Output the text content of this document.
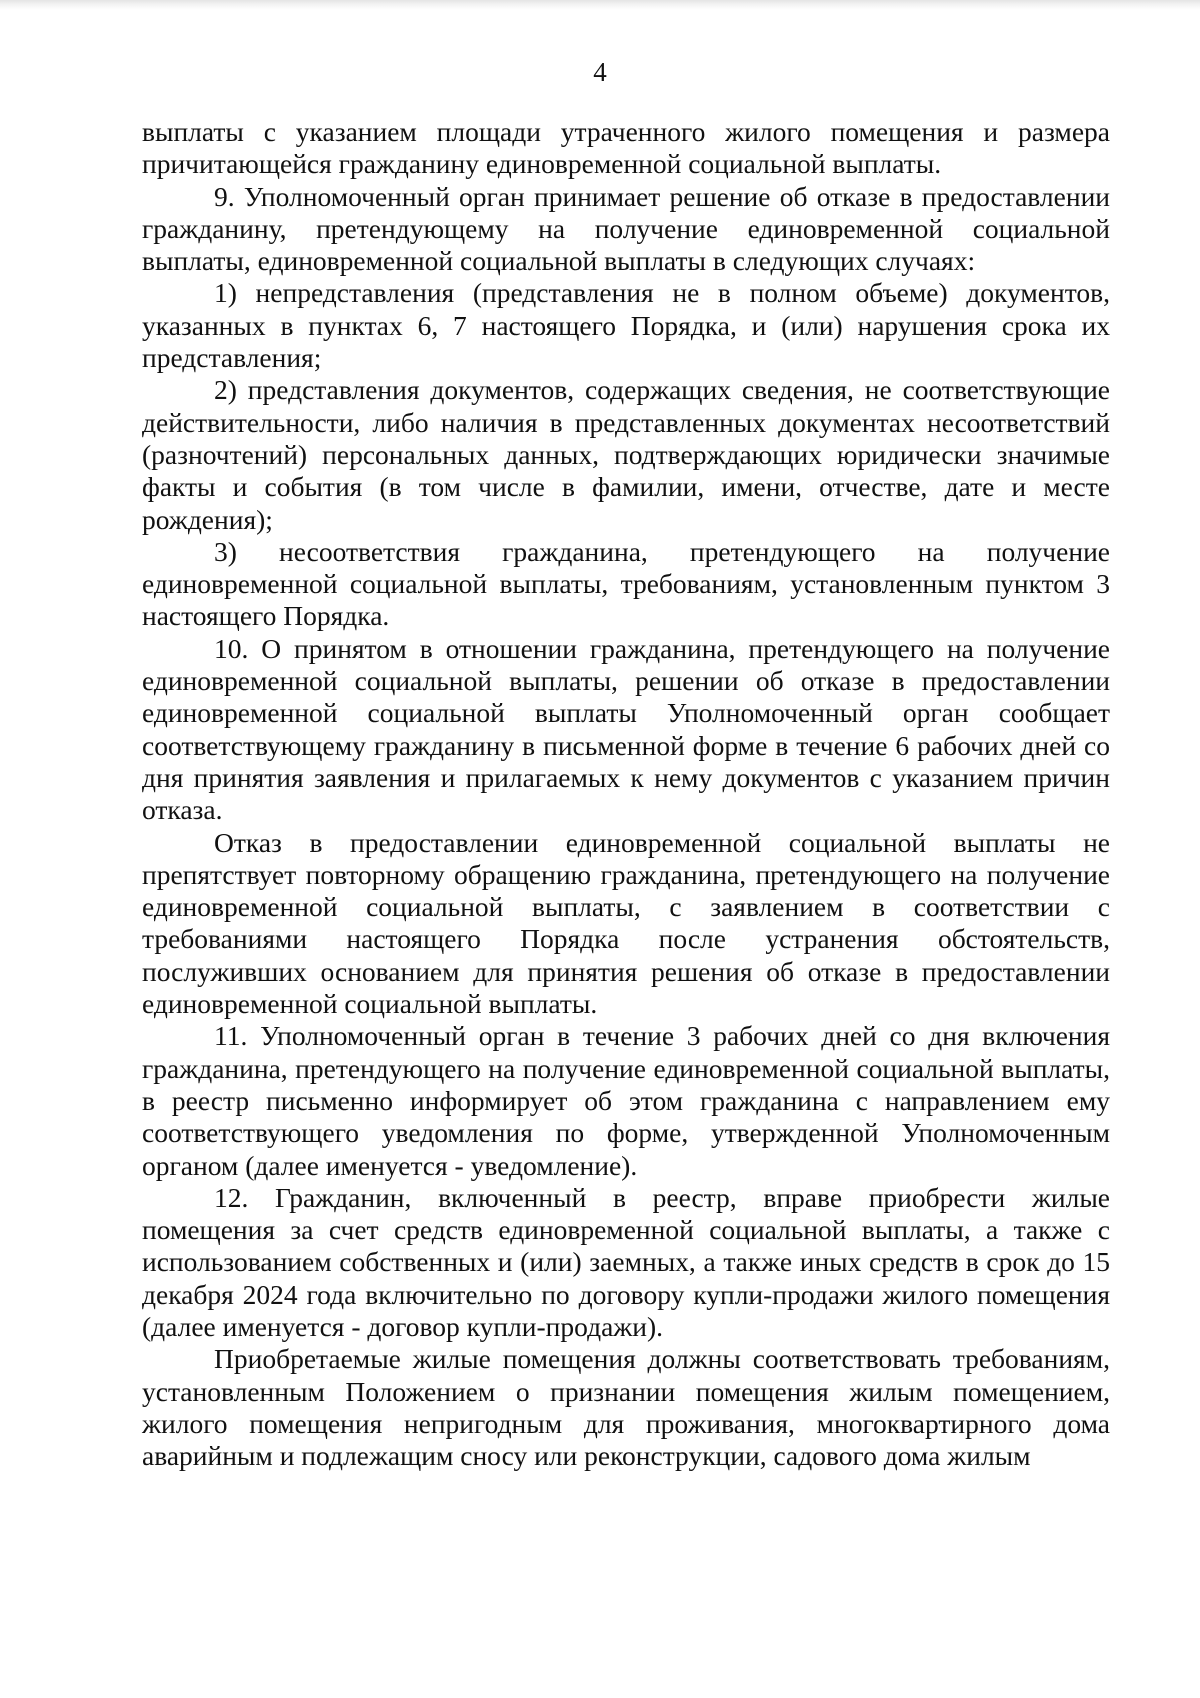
4

выплаты с указанием площади утраченного жилого помещения и размера причитающейся гражданину единовременной социальной выплаты.

9. Уполномоченный орган принимает решение об отказе в предоставлении гражданину, претендующему на получение единовременной социальной выплаты, единовременной социальной выплаты в следующих случаях:

1) непредставления (представления не в полном объеме) документов, указанных в пунктах 6, 7 настоящего Порядка, и (или) нарушения срока их представления;

2) представления документов, содержащих сведения, не соответствующие действительности, либо наличия в представленных документах несоответствий (разночтений) персональных данных, подтверждающих юридически значимые факты и события (в том числе в фамилии, имени, отчестве, дате и месте рождения);

3) несоответствия гражданина, претендующего на получение единовременной социальной выплаты, требованиям, установленным пунктом 3 настоящего Порядка.

10. О принятом в отношении гражданина, претендующего на получение единовременной социальной выплаты, решении об отказе в предоставлении единовременной социальной выплаты Уполномоченный орган сообщает соответствующему гражданину в письменной форме в течение 6 рабочих дней со дня принятия заявления и прилагаемых к нему документов с указанием причин отказа.

Отказ в предоставлении единовременной социальной выплаты не препятствует повторному обращению гражданина, претендующего на получение единовременной социальной выплаты, с заявлением в соответствии с требованиями настоящего Порядка после устранения обстоятельств, послуживших основанием для принятия решения об отказе в предоставлении единовременной социальной выплаты.

11. Уполномоченный орган в течение 3 рабочих дней со дня включения гражданина, претендующего на получение единовременной социальной выплаты, в реестр письменно информирует об этом гражданина с направлением ему соответствующего уведомления по форме, утвержденной Уполномоченным органом (далее именуется - уведомление).

12. Гражданин, включенный в реестр, вправе приобрести жилые помещения за счет средств единовременной социальной выплаты, а также с использованием собственных и (или) заемных, а также иных средств в срок до 15 декабря 2024 года включительно по договору купли-продажи жилого помещения (далее именуется - договор купли-продажи).

Приобретаемые жилые помещения должны соответствовать требованиям, установленным Положением о признании помещения жилым помещением, жилого помещения непригодным для проживания, многоквартирного дома аварийным и подлежащим сносу или реконструкции, садового дома жилым
